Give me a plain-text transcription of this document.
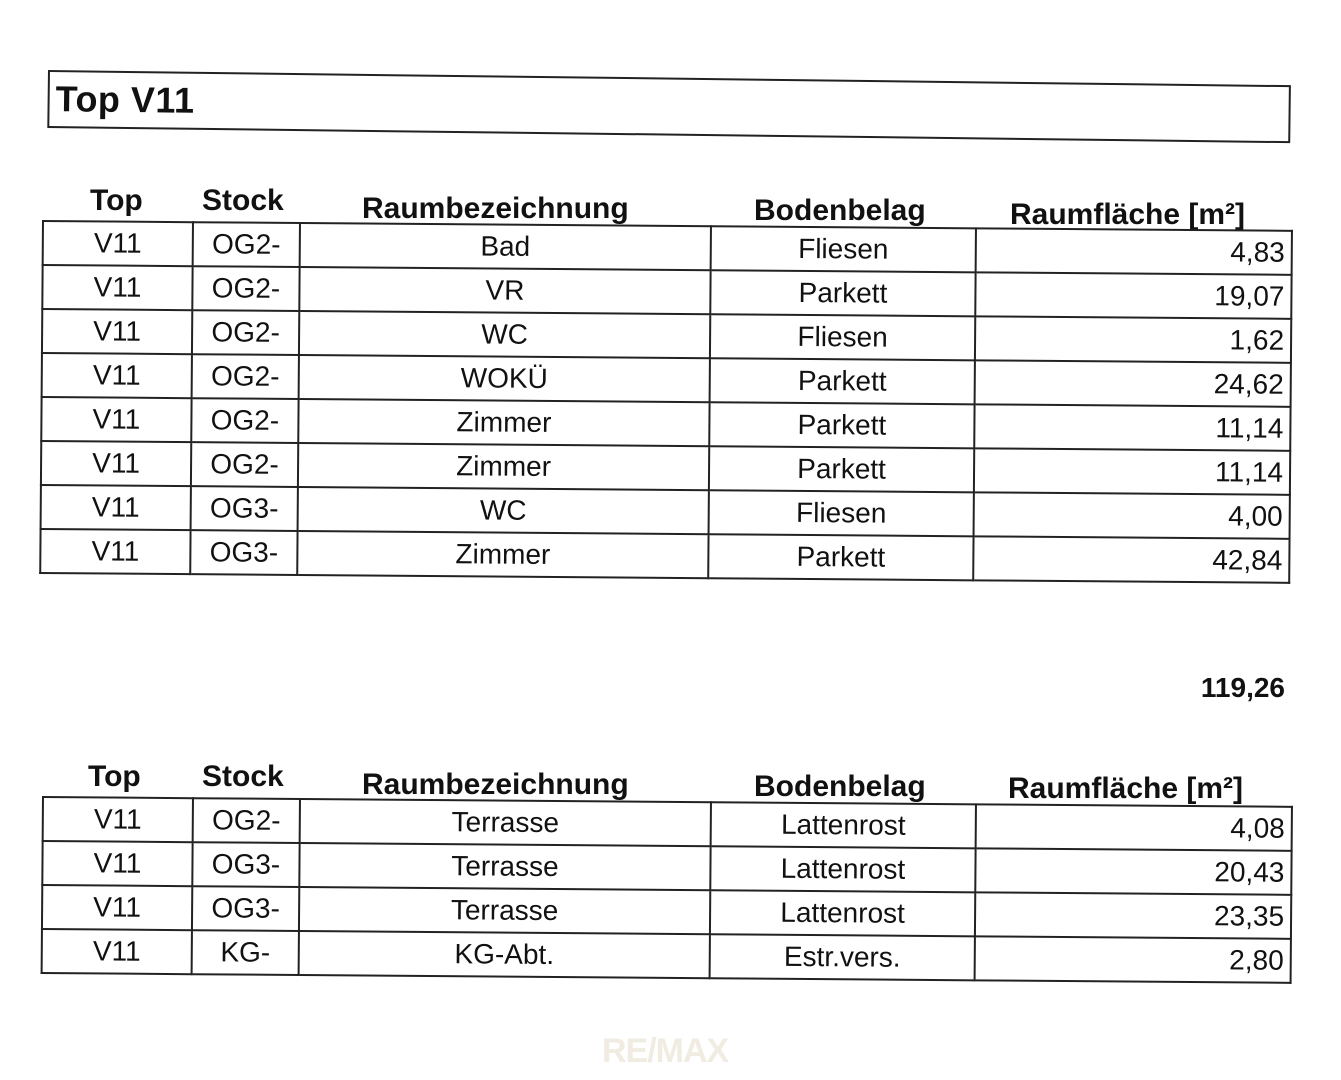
Top V11
Top Stock	Raumbezeichnung	Bodenbelag	Raumfläche [m²]
V11	OG2-	Bad	Fliesen	4,83
V11	OG2-	VR	Parkett	19,07
V11	OG2-	WC	Fliesen	1,62
V11	OG2-	WOKÜ	Parkett	24,62
V11	OG2-	Zimmer	Parkett	11,14
V11	OG2-	Zimmer	Parkett	11,14
V11	OG3-	WC	Fliesen	4,00
V11	OG3-	Zimmer	Parkett	42,84
119,26
Top Stock	Raumbezeichnung	Bodenbelag	Raumfläche [m²]
V11	OG2-	Terrasse	Lattenrost	4,08
V11	OG3-	Terrasse	Lattenrost	20,43
V11	OG3-	Terrasse	Lattenrost	23,35
V11	KG-	KG-Abt.	Estr.vers.	2,80
RE/MAX
